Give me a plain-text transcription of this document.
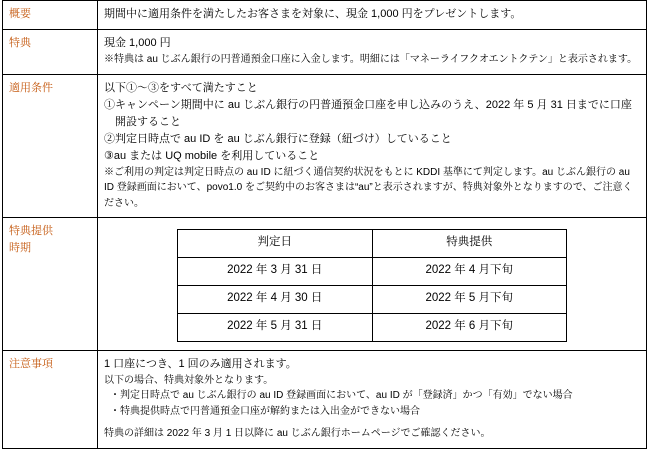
概要	期間中に適用条件を満たしたお客さまを対象に、現金 1,000 円をプレゼントします。

特典	現金 1,000 円

※特典は au じぶん銀行の円普通預金口座に入金します。明細には「マネーライフクオエントクテン」と表示されます。

適用条件	以下①～③をすべて満たすこと

①キャンペーン期間中に au じぶん銀行の円普通預金口座を申し込みのうえ、2022 年 5 月 31 日までに口座開設すること

②判定日時点で au ID を au じぶん銀行に登録（紐づけ）していること

③au または UQ mobile を利用していること

※ご利用の判定は判定日時点の au ID に紐づく通信契約状況をもとに KDDI 基準にて判定します。au じぶん銀行の au ID 登録画面において、povo1.0 をご契約中のお客さまは“au”と表示されますが、特典対象外となりますので、ご注意ください。

特典提供

時期

判定日	特典提供
2022 年 3 月 31 日	2022 年 4 月下旬
2022 年 4 月 30 日	2022 年 5 月下旬
2022 年 5 月 31 日	2022 年 6 月下旬

注意事項	1 口座につき、1 回のみ適用されます。

以下の場合、特典対象外となります。

・判定日時点で au じぶん銀行の au ID 登録画面において、au ID が「登録済」かつ「有効」でない場合

・特典提供時点で円普通預金口座が解約または入出金ができない場合

特典の詳細は 2022 年 3 月 1 日以降に au じぶん銀行ホームページでご確認ください。
